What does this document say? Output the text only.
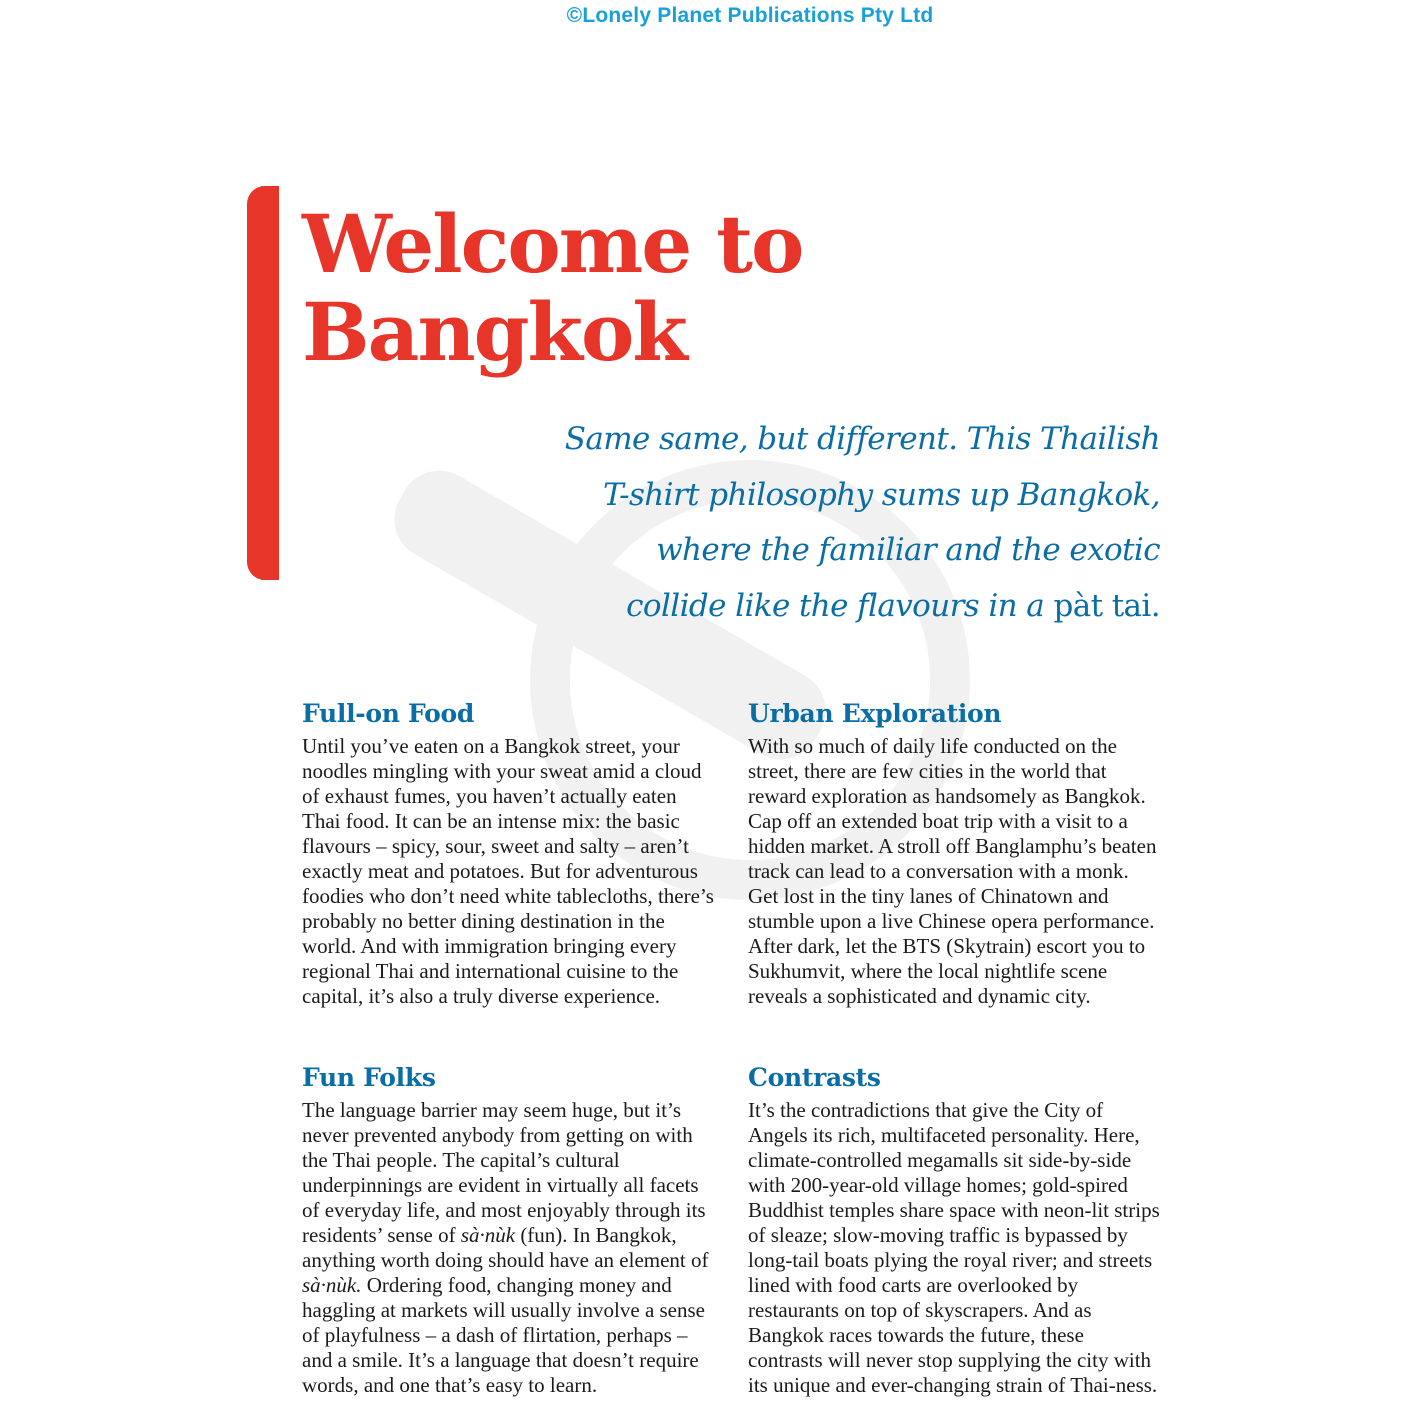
©Lonely Planet Publications Pty Ltd
Welcome to
Bangkok

Same same, but different. This Thailish
T-shirt philosophy sums up Bangkok,
where the familiar and the exotic
collide like the flavours in a pàt tai.

Full-on Food

Until you’ve eaten on a Bangkok street, your noodles mingling with your sweat amid a cloud of exhaust fumes, you haven’t actually eaten Thai food. It can be an intense mix: the basic flavours – spicy, sour, sweet and salty – aren’t exactly meat and potatoes. But for adventurous foodies who don’t need white tablecloths, there’s probably no better dining destination in the world. And with immigration bringing every regional Thai and international cuisine to the capital, it’s also a truly diverse experience.

Urban Exploration

With so much of daily life conducted on the street, there are few cities in the world that reward exploration as handsomely as Bangkok. Cap off an extended boat trip with a visit to a hidden market. A stroll off Banglamphu’s beaten track can lead to a conversation with a monk. Get lost in the tiny lanes of Chinatown and stumble upon a live Chinese opera performance. After dark, let the BTS (Skytrain) escort you to Sukhumvit, where the local nightlife scene reveals a sophisticated and dynamic city.

Fun Folks

The language barrier may seem huge, but it’s never prevented anybody from getting on with the Thai people. The capital’s cultural underpinnings are evident in virtually all facets of everyday life, and most enjoyably through its residents’ sense of sà·nùk (fun). In Bangkok, anything worth doing should have an element of sà·nùk. Ordering food, changing money and haggling at markets will usually involve a sense of playfulness – a dash of flirtation, perhaps – and a smile. It’s a language that doesn’t require words, and one that’s easy to learn.

Contrasts

It’s the contradictions that give the City of Angels its rich, multifaceted personality. Here, climate-controlled megamalls sit side-by-side with 200-year-old village homes; gold-spired Buddhist temples share space with neon-lit strips of sleaze; slow-moving traffic is bypassed by long-tail boats plying the royal river; and streets lined with food carts are overlooked by restaurants on top of skyscrapers. And as Bangkok races towards the future, these contrasts will never stop supplying the city with its unique and ever-changing strain of Thai-ness.
